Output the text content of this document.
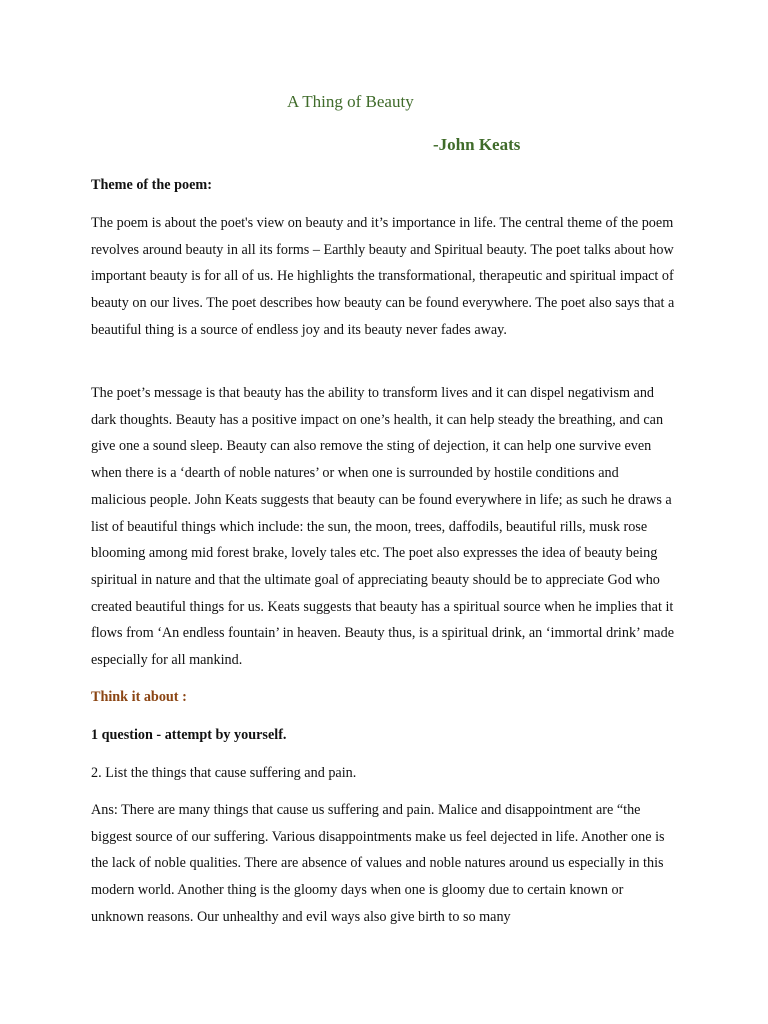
A Thing of Beauty
-John Keats
Theme of the poem:

The poem is about the poet's view on beauty and it’s importance in life. The central theme of the poem revolves around beauty in all its forms – Earthly beauty and Spiritual beauty. The poet talks about how important beauty is for all of us. He highlights the transformational, therapeutic and spiritual impact of beauty on our lives. The poet describes how beauty can be found everywhere. The poet also says that a beautiful thing is a source of endless joy and its beauty never fades away.

The poet’s message is that beauty has the ability to transform lives and it can dispel negativism and dark thoughts. Beauty has a positive impact on one’s health, it can help steady the breathing, and can give one a sound sleep. Beauty can also remove the sting of dejection, it can help one survive even when there is a ‘dearth of noble natures’ or when one is surrounded by hostile conditions and malicious people. John Keats suggests that beauty can be found everywhere in life; as such he draws a list of beautiful things which include: the sun, the moon, trees, daffodils, beautiful rills, musk rose blooming among mid forest brake, lovely tales etc. The poet also expresses the idea of beauty being spiritual in nature and that the ultimate goal of appreciating beauty should be to appreciate God who created beautiful things for us. Keats suggests that beauty has a spiritual source when he implies that it flows from ‘An endless fountain’ in heaven. Beauty thus, is a spiritual drink, an ‘immortal drink’ made especially for all mankind.

Think it about :
1 question - attempt by yourself.

2. List the things that cause suffering and pain.

Ans: There are many things that cause us suffering and pain. Malice and disappointment are “the biggest source of our suffering. Various disappointments make us feel dejected in life. Another one is the lack of noble qualities. There are absence of values and noble natures around us especially in this modern world. Another thing is the gloomy days when one is gloomy due to certain known or unknown reasons. Our unhealthy and evil ways also give birth to so many
